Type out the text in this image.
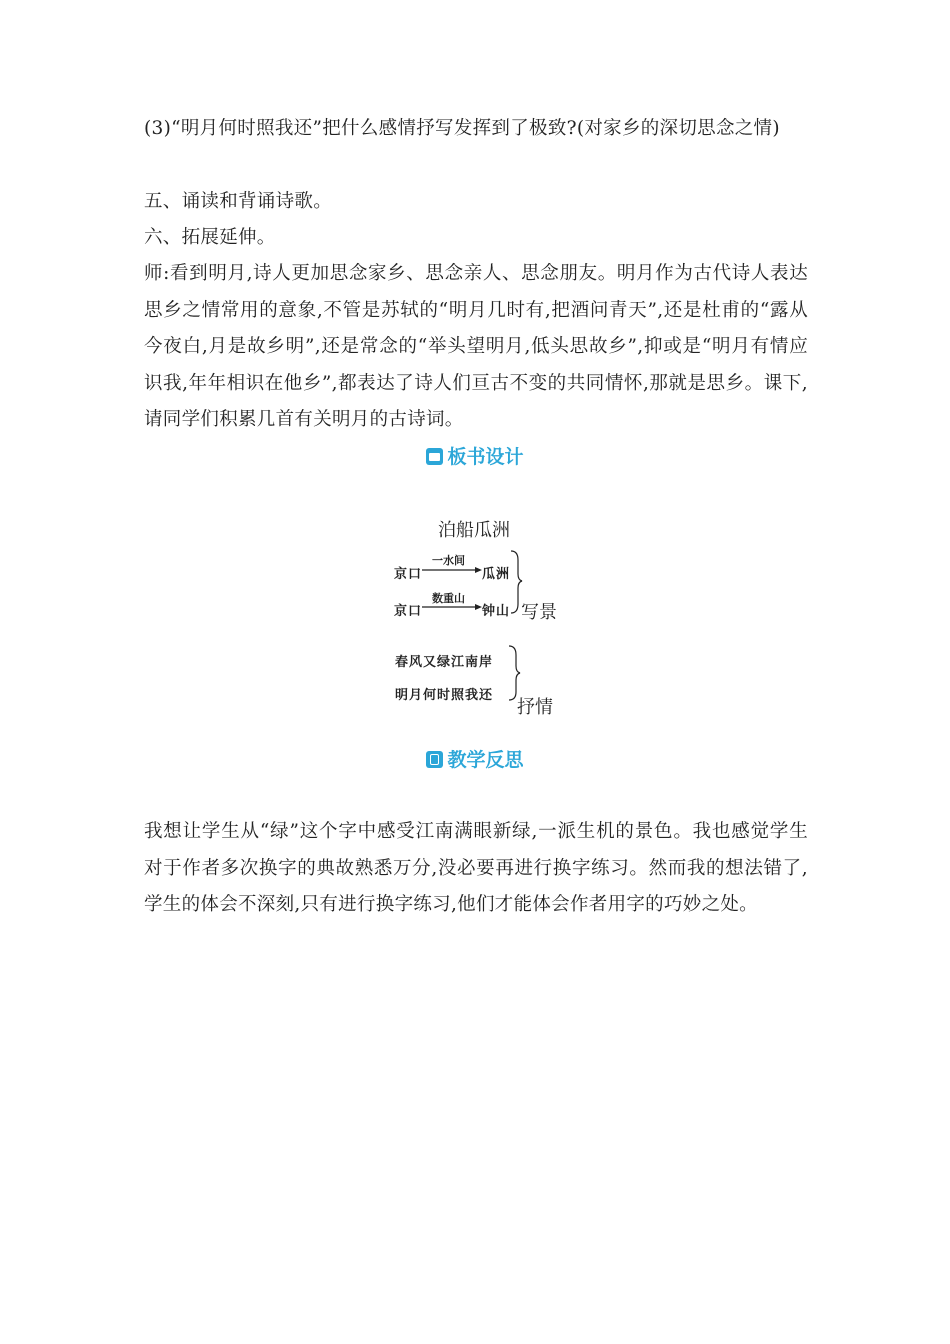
(3)“明月何时照我还”把什么感情抒写发挥到了极致?(对家乡的深切思念之情)

五、诵读和背诵诗歌。

六、拓展延伸。

师:看到明月,诗人更加思念家乡、思念亲人、思念朋友。明月作为古代诗人表达思乡之情常用的意象,不管是苏轼的“明月几时有,把酒问青天”,还是杜甫的“露从今夜白,月是故乡明”,还是常念的“举头望明月,低头思故乡”,抑或是“明月有情应识我,年年相识在他乡”,都表达了诗人们亘古不变的共同情怀,那就是思乡。课下,请同学们积累几首有关明月的古诗词。

板书设计
泊船瓜洲
京口
一水间
瓜洲
京口
数重山
钟山 写景
春风又绿江南岸
明月何时照我还
抒情
教学反思

我想让学生从“绿”这个字中感受江南满眼新绿,一派生机的景色。我也感觉学生对于作者多次换字的典故熟悉万分,没必要再进行换字练习。然而我的想法错了,学生的体会不深刻,只有进行换字练习,他们才能体会作者用字的巧妙之处。
